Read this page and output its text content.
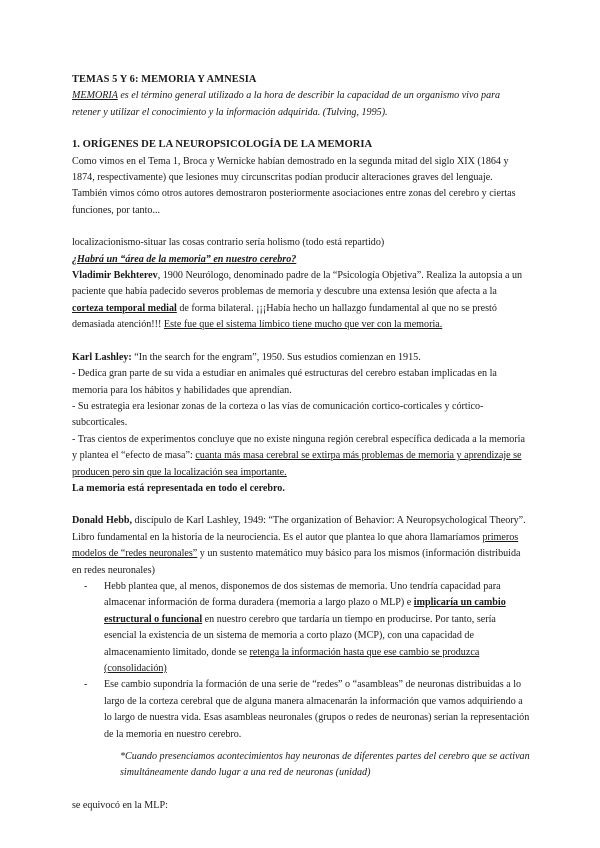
TEMAS 5 Y 6: MEMORIA Y AMNESIA

MEMORIA es el término general utilizado a la hora de describir la capacidad de un organismo vivo para retener y utilizar el conocimiento y la información adquirida. (Tulving, 1995).

1. ORÍGENES DE LA NEUROPSICOLOGÍA DE LA MEMORIA

Como vimos en el Tema 1, Broca y Wernicke habían demostrado en la segunda mitad del siglo XIX (1864 y 1874, respectivamente) que lesiones muy circunscritas podían producir alteraciones graves del lenguaje. También vimos cómo otros autores demostraron posteriormente asociaciones entre zonas del cerebro y ciertas funciones, por tanto...

localizacionismo-situar las cosas contrario sería holismo (todo está repartido)

¿Habrá un “área de la memoria” en nuestro cerebro?

Vladimir Bekhterev, 1900 Neurólogo, denominado padre de la “Psicología Objetiva”. Realiza la autopsia a un paciente que había padecido severos problemas de memoria y descubre una extensa lesión que afecta a la corteza temporal medial de forma bilateral. ¡¡¡Había hecho un hallazgo fundamental al que no se prestó demasiada atención!!! Este fue que el sistema límbico tiene mucho que ver con la memoria.

Karl Lashley: “In the search for the engram”, 1950. Sus estudios comienzan en 1915.

- Dedica gran parte de su vida a estudiar en animales qué estructuras del cerebro estaban implicadas en la memoria para los hábitos y habilidades que aprendían.

- Su estrategia era lesionar zonas de la corteza o las vías de comunicación cortico-corticales y córtico-subcorticales.

- Tras cientos de experimentos concluye que no existe ninguna región cerebral específica dedicada a la memoria y plantea el “efecto de masa”: cuanta más masa cerebral se extirpa más problemas de memoria y aprendizaje se producen pero sin que la localización sea importante.

La memoria está representada en todo el cerebro.

Donald Hebb, discípulo de Karl Lashley, 1949: “The organization of Behavior: A Neuropsychological Theory”. Libro fundamental en la historia de la neurociencia. Es el autor que plantea lo que ahora llamaríamos primeros modelos de “redes neuronales” y un sustento matemático muy básico para los mismos (información distribuida en redes neuronales)

- Hebb plantea que, al menos, disponemos de dos sistemas de memoria. Uno tendría capacidad para almacenar información de forma duradera (memoria a largo plazo o MLP) e implicaría un cambio estructural o funcional en nuestro cerebro que tardaría un tiempo en producirse. Por tanto, sería esencial la existencia de un sistema de memoria a corto plazo (MCP), con una capacidad de almacenamiento limitado, donde se retenga la información hasta que ese cambio se produzca (consolidación)
- Ese cambio supondría la formación de una serie de “redes” o “asambleas” de neuronas distribuidas a lo largo de la corteza cerebral que de alguna manera almacenarán la información que vamos adquiriendo a lo largo de nuestra vida. Esas asambleas neuronales (grupos o redes de neuronas) serían la representación de la memoria en nuestro cerebro.

*Cuando presenciamos acontecimientos hay neuronas de diferentes partes del cerebro que se activan simultáneamente dando lugar a una red de neuronas (unidad)

se equivocó en la MLP:
